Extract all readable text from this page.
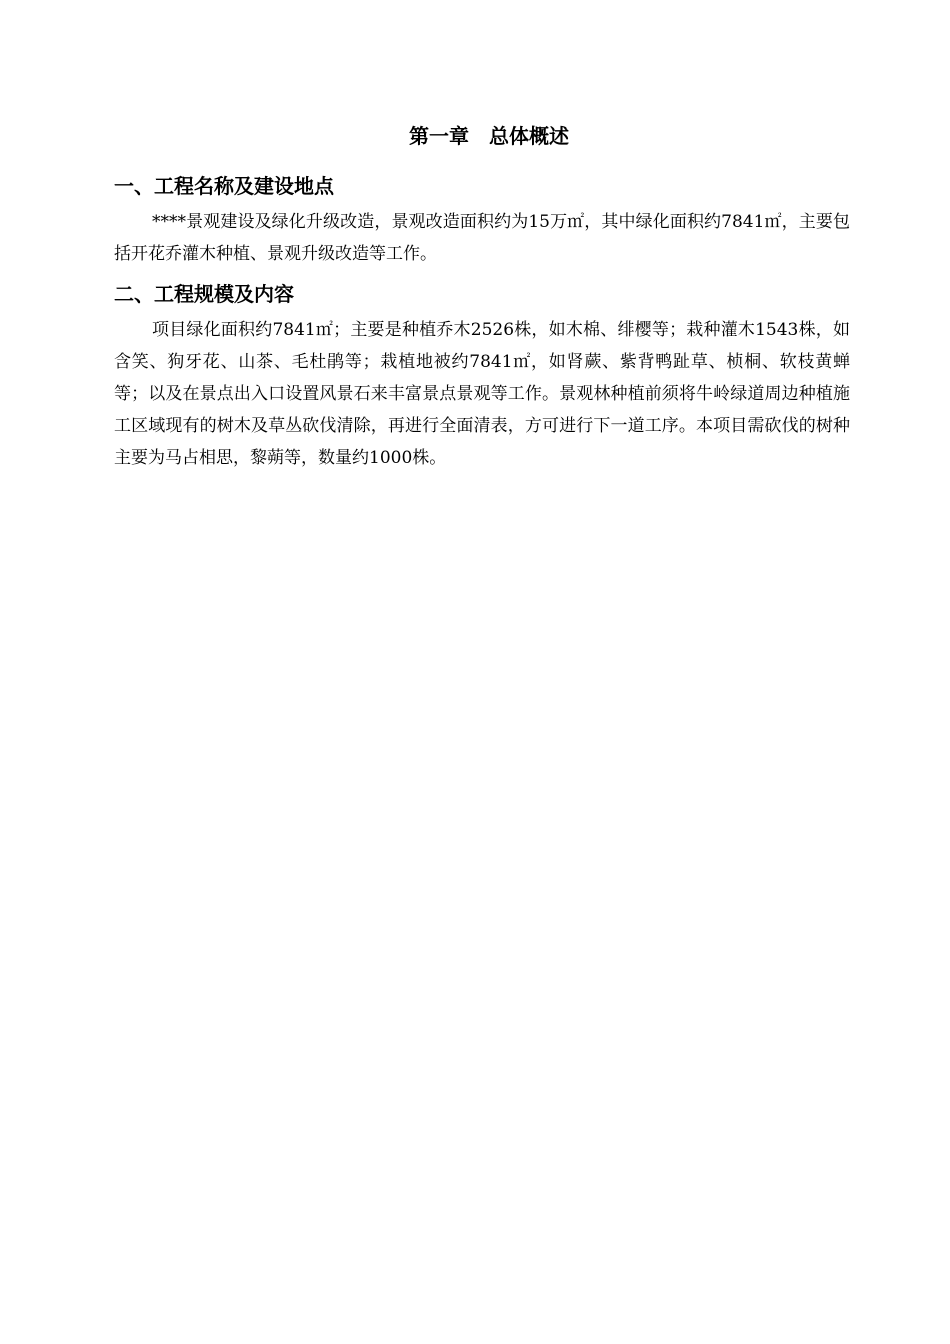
第一章　总体概述
一、工程名称及建设地点

****景观建设及绿化升级改造，景观改造面积约为15万㎡，其中绿化面积约7841㎡，主要包括开花乔灌木种植、景观升级改造等工作。

二、工程规模及内容

项目绿化面积约7841㎡；主要是种植乔木2526株，如木棉、绯樱等；栽种灌木1543株，如含笑、狗牙花、山茶、毛杜鹃等；栽植地被约7841㎡，如肾蕨、紫背鸭趾草、桢桐、软枝黄蝉等；以及在景点出入口设置风景石来丰富景点景观等工作。景观林种植前须将牛岭绿道周边种植施工区域现有的树木及草丛砍伐清除，再进行全面清表，方可进行下一道工序。本项目需砍伐的树种主要为马占相思，黎蒴等，数量约1000株。
